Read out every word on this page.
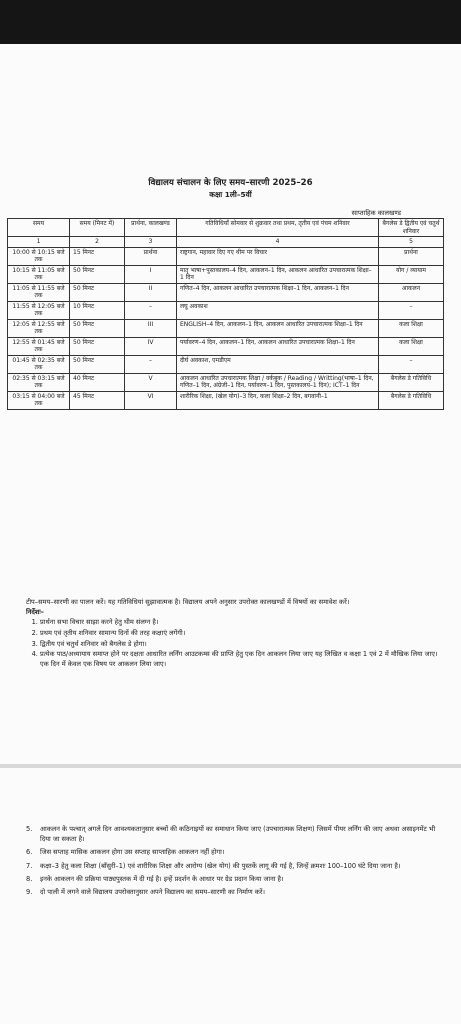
विद्यालय संचालन के लिए समय–सारणी 2025–26
कक्षा 1ली–5वीं
साप्ताहिक कालखण्ड
समय	समय (मिनट में)	प्रार्थना, कालखण्ड	गतिविधियाँ सोमवार से शुक्रवार तथा प्रथम, तृतीय एवं पंचम शनिवार	बैगलेस डे द्वितीय एवं चतुर्थ शनिवार
1	2	3	4	5
10:00 से 10:15 बजे तक	15 मिनट	प्रार्थना	राष्ट्रगान, महावार दिए गए थीम पर विचार	प्रार्थना
10:15 से 11:05 बजे तक	50 मिनट	I	मातृ भाषा+पुस्तकालय–4 दिन, आकलन–1 दिन, आकलन आधारित उपचारात्मक शिक्षा–1 दिन	योग / व्यायाम
11:05 से 11:55 बजे तक	50 मिनट	II	गणित–4 दिन, आकलन आधारित उपचारात्मक शिक्षा–1 दिन, आकलन–1 दिन	आकलन
11:55 से 12:05 बजे तक	10 मिनट	–	लघु अवकाश	–
12:05 से 12:55 बजे तक	50 मिनट	III	ENGLISH–4 दिन, आकलन–1 दिन, आकलन आधारित उपचारात्मक शिक्षा–1 दिन	कला शिक्षा
12:55 से 01:45 बजे तक	50 मिनट	IV	पर्यावरण–4 दिन, आकलन–1 दिन, आकलन आधारित उपचारात्मक शिक्षा–1 दिन	कला शिक्षा
01:45 से 02:35 बजे तक	50 मिनट	–	दीर्घ अवकाश, एमडीएम	–
02:35 से 03:15 बजे तक	40 मिनट	V	आकलन आधारित उपचारात्मक शिक्षा / वर्कबुक / Reading / Writting(भाषा–1 दिन, गणित–1 दिन, अंग्रेजी–1 दिन, पर्यावरण–1 दिन, पुस्तकालय–1 दिन); ICT–1 दिन	बैगलेस डे गतिविधि
03:15 से 04:00 बजे तक	45 मिनट	VI	शारीरिक शिक्षा, (खेल योग)–3 दिन, कला शिक्षा–2 दिन, बगवानी–1	बैगलेस डे गतिविधि

टीप–समय–सारणी का पालन करें। यह गतिविधियां सुझावात्मक है। विद्यालय अपने अनुसार उपरोक्त कालखण्डों में विषयों का समावेश करें।

निर्देशः–

1. प्रार्थना सभा विचार साझा करने हेतु थीम संलग्न है।
2. प्रथम एवं तृतीय शनिवार सामान्य दिनों की तरह कक्षाएं लगेंगी।
3. द्वितीय एवं चतुर्थ शनिवार को बैगलेस डे होगा।
4. प्रत्येक पाठ/अध्यायाय समाप्त होने पर दक्षता आधारित लर्निंग आउटकम्स की प्राप्ति हेतु एक दिन आकलन लिया जाए यह लिखित व कक्षा 1 एवं 2 में मौखिक लिया जाए। एक दिन में केवल एक विषय पर आकलन लिया जाए।
5.	आकलन के पश्चात् अगले दिन आवश्यकतानुसार बच्चों की कठिनाइयों का समाधान किया जाए (उपचारात्मक शिक्षण) जिसमें पीयर लर्निंग की जाए अथवा असाइनमेंट भी दिया जा सकता है।
6.	जिस सप्ताह मासिक आकलन होगा उस सप्ताह साप्ताहिक आकलन नहीं होगा।
7.	कक्षा–3 हेतु कला शिक्षा (बाँसुरी–1) एवं शारीरिक शिक्षा और आरोग्य (खेल योग) की पुस्तकें लागू की गई है, जिन्हें क्रमशः 100–100 घंटे दिया जाना है।
8.	इनके आकलन की प्रक्रिया पाठ्यपुस्तक में दी गई है। इन्हें प्रदर्शन के आधार पर ग्रेड प्रदान किया जाना है।
9.	दो पाली में लगने वाले विद्यालय उपरोक्तानुसार अपने विद्यालय का समय–सारणी का निर्माण करें।
